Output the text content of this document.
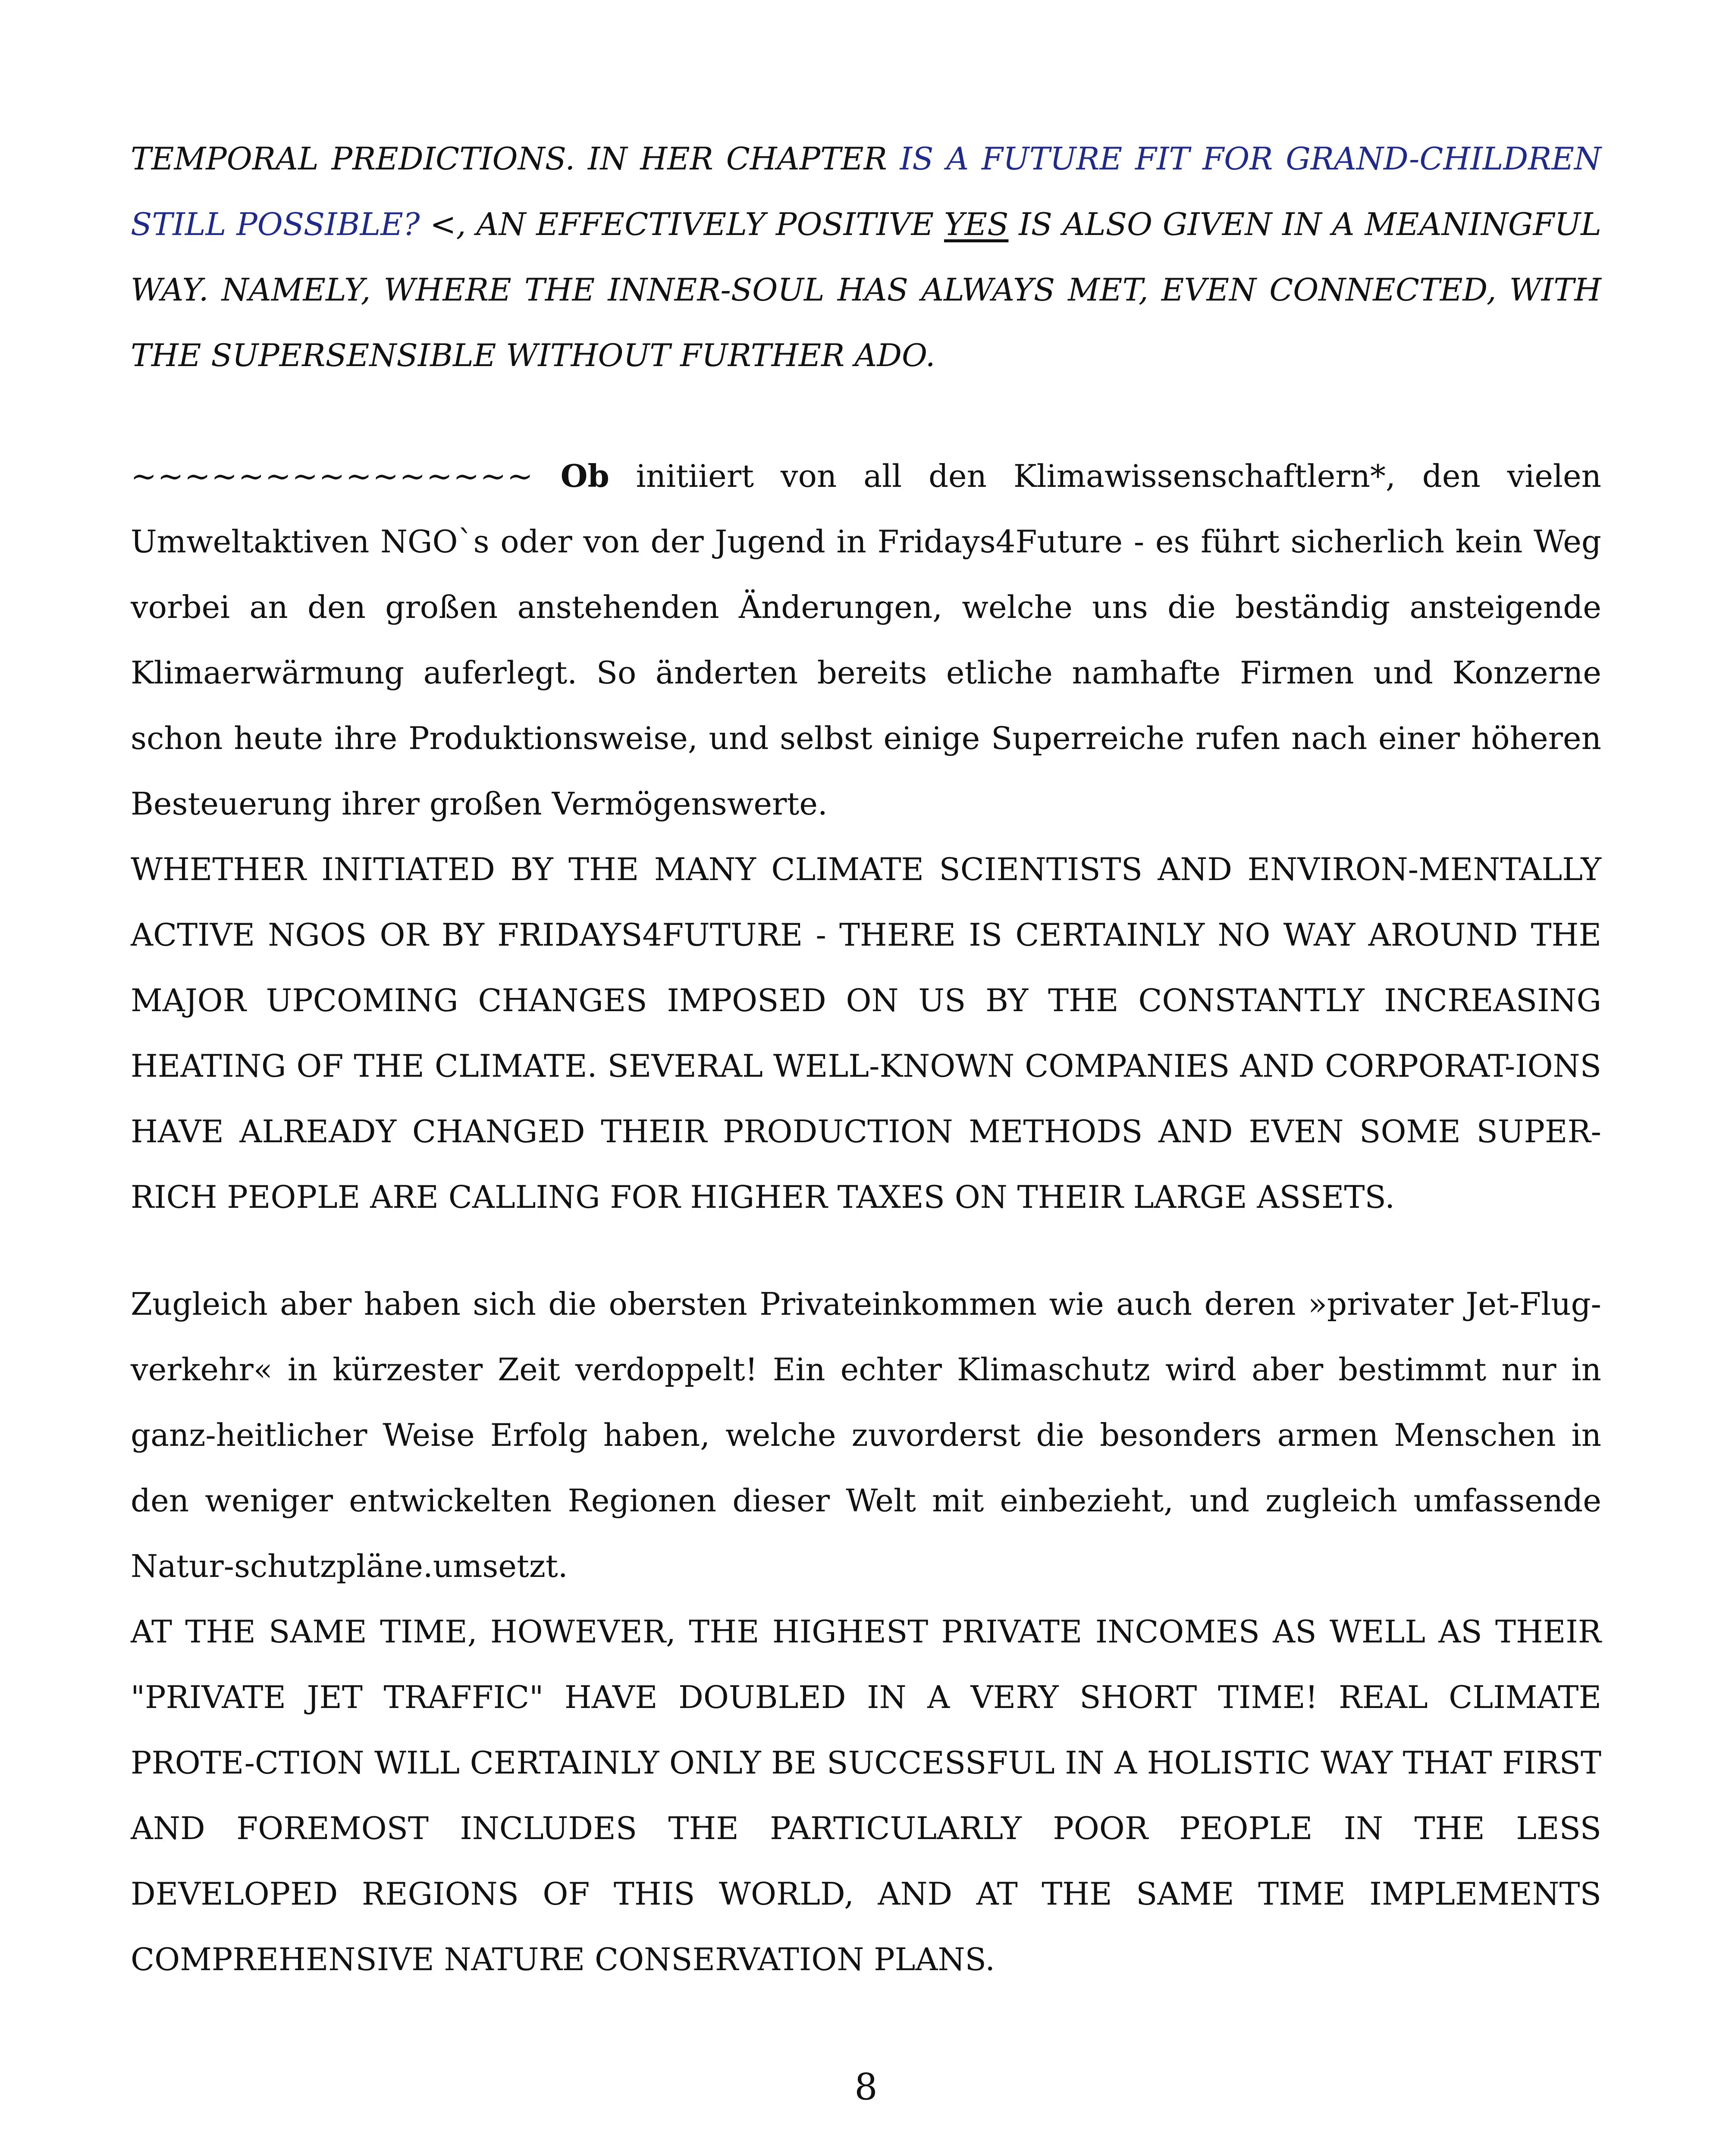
TEMPORAL PREDICTIONS. IN HER CHAPTER IS A FUTURE FIT FOR GRAND-CHILDREN STILL POSSIBLE? <, AN EFFECTIVELY POSITIVE YES IS ALSO GIVEN IN A MEANINGFUL WAY. NAMELY, WHERE THE INNER-SOUL HAS ALWAYS MET, EVEN CONNECTED, WITH THE SUPERSENSIBLE WITHOUT FURTHER ADO.

~~~~~~~~~~~~~~~ Ob initiiert von all den Klimawissenschaftlern*, den vielen Umweltaktiven NGO`s oder von der Jugend in Fridays4Future - es führt sicherlich kein Weg vorbei an den großen anstehenden Änderungen, welche uns die beständig ansteigende Klimaerwärmung auferlegt. So änderten bereits etliche namhafte Firmen und Konzerne schon heute ihre Produktionsweise, und selbst einige Superreiche rufen nach einer höheren Besteuerung ihrer großen Vermögenswerte.

WHETHER INITIATED BY THE MANY CLIMATE SCIENTISTS AND ENVIRON-MENTALLY ACTIVE NGOS OR BY FRIDAYS4FUTURE - THERE IS CERTAINLY NO WAY AROUND THE MAJOR UPCOMING CHANGES IMPOSED ON US BY THE CONSTANTLY INCREASING HEATING OF THE CLIMATE. SEVERAL WELL-KNOWN COMPANIES AND CORPORAT-IONS HAVE ALREADY CHANGED THEIR PRODUCTION METHODS AND EVEN SOME SUPER-RICH PEOPLE ARE CALLING FOR HIGHER TAXES ON THEIR LARGE ASSETS.

Zugleich aber haben sich die obersten Privateinkommen wie auch deren »privater Jet-Flug-verkehr« in kürzester Zeit verdoppelt! Ein echter Klimaschutz wird aber bestimmt nur in ganz-heitlicher Weise Erfolg haben, welche zuvorderst die besonders armen Menschen in den weniger entwickelten Regionen dieser Welt mit einbezieht, und zugleich umfassende Natur-schutzpläne.umsetzt.

AT THE SAME TIME, HOWEVER, THE HIGHEST PRIVATE INCOMES AS WELL AS THEIR "PRIVATE JET TRAFFIC" HAVE DOUBLED IN A VERY SHORT TIME! REAL CLIMATE PROTE-CTION WILL CERTAINLY ONLY BE SUCCESSFUL IN A HOLISTIC WAY THAT FIRST AND FOREMOST INCLUDES THE PARTICULARLY POOR PEOPLE IN THE LESS DEVELOPED REGIONS OF THIS WORLD, AND AT THE SAME TIME IMPLEMENTS COMPREHENSIVE NATURE CONSERVATION PLANS.

8
